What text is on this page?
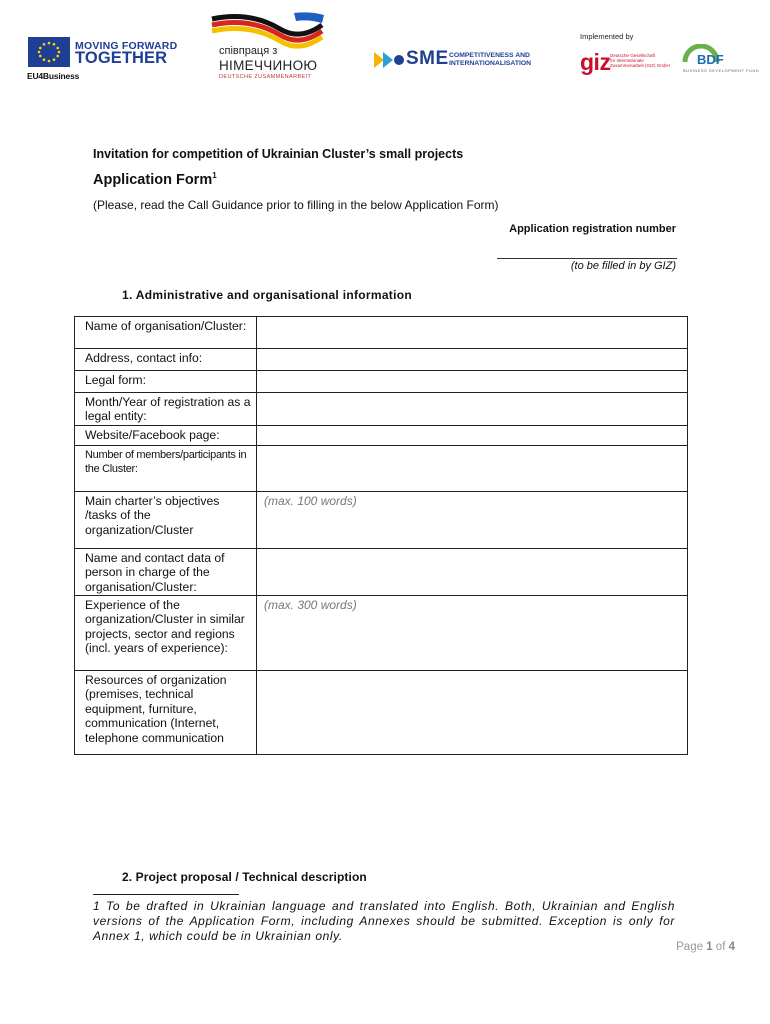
MOVING FORWARD
TOGETHER
EU4Business
співпраця з
НІМЕЧЧИНОЮ
DEUTSCHE ZUSAMMENARBEIT
SME COMPETITIVENESS AND
INTERNATIONALISATION
Implemented by
giz Deutsche Gesellschaft
für Internationale
Zusammenarbeit (GIZ) GmbH BDF
BUSINESS DEVELOPMENT FUND
Invitation for competition of Ukrainian Cluster’s small projects
Application Form$^1$
(Please, read the Call Guidance prior to filling in the below Application Form)
Application registration number
(to be filled in by GIZ)
1. Administrative and organisational information
Name of organisation/Cluster:	
Address, contact info:	
Legal form:	
Month/Year of registration as a legal entity:	
Website/Facebook page:	
Number of members/participants in the Cluster:	
Main charter’s objectives /tasks of the organization/Cluster	(max. 100 words)
Name and contact data of person in charge of the organisation/Cluster:	
Experience of the organization/Cluster in similar projects, sector and regions (incl. years of experience):	(max. 300 words)
Resources of organization (premises, technical equipment, furniture, communication (Internet, telephone communication	
2. Project proposal / Technical description
1 To be drafted in Ukrainian language and translated into English. Both, Ukrainian and English versions of the Application Form, including Annexes should be submitted. Exception is only for Annex 1, which could be in Ukrainian only.
Page 1 of 4
